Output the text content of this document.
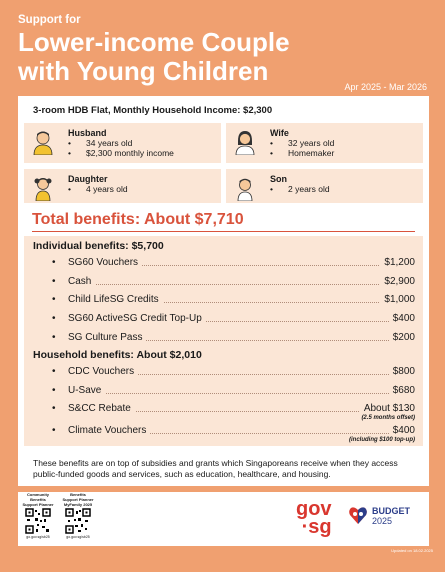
Support for
Lower-income Couple with Young Children
Apr 2025 - Mar 2026
3-room HDB Flat, Monthly Household Income: $2,300
Husband
• 34 years old
• $2,300 monthly income
Wife
• 32 years old
• Homemaker
Daughter
• 4 years old
Son
• 2 years old
Total benefits: About $7,710
Individual benefits: $5,700
• SG60 Vouchers	$1,200
• Cash	$2,900
• Child LifeSG Credits	$1,000
• SG60 ActiveSG Credit Top-Up	$400
• SG Culture Pass	$200
Household benefits: About $2,010
• CDC Vouchers	$800
• U-Save	$680
• S&CC Rebate	About $130
(2.5 months offset)
• Climate Vouchers	$400
(including $100 top-up)
These benefits are on top of subsidies and grants which Singaporeans receive when they access public-funded goods and services, such as education, healthcare, and housing.
Community Benefits Support Planner
go.gov.sg/sb25
Benefits Support Planner MyFamily 2025
go.gov.sg/sb25
gov
·sg
BUDGET
2025
Updated on 18.02.2025
